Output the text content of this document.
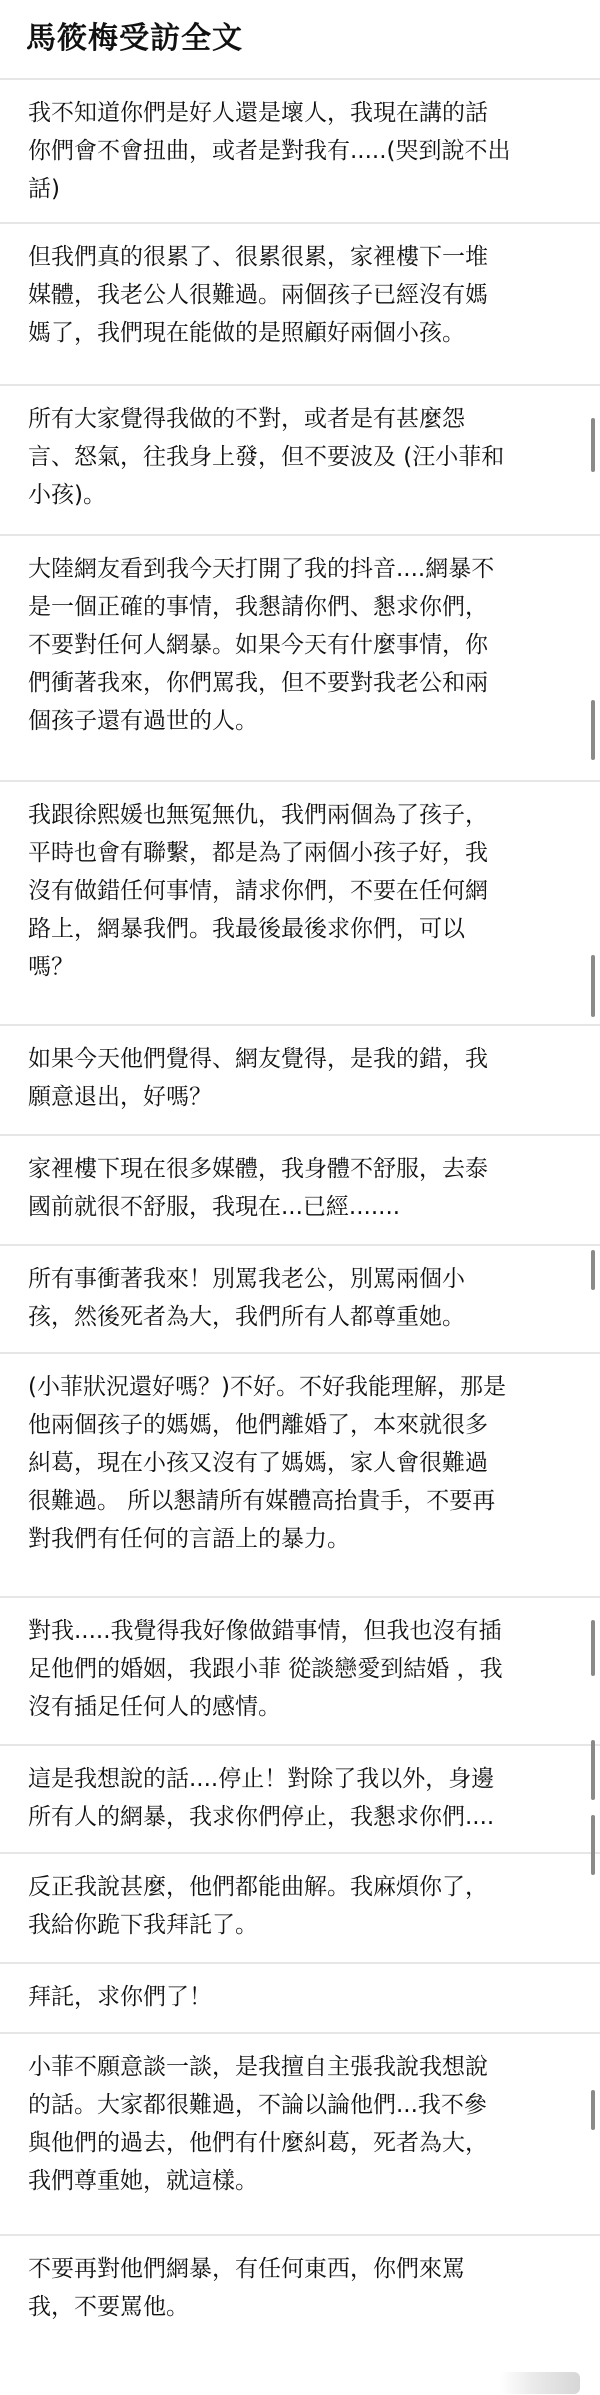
馬筱梅受訪全文
我不知道你們是好人還是壞人，我現在講的話
你們會不會扭曲，或者是對我有.....(哭到說不出
話)
但我們真的很累了、很累很累，家裡樓下一堆
媒體，我老公人很難過。兩個孩子已經沒有媽
媽了，我們現在能做的是照顧好兩個小孩。
所有大家覺得我做的不對，或者是有甚麼怨
言、怒氣，往我身上發，但不要波及 (汪小菲和
小孩)。
大陸網友看到我今天打開了我的抖音....網暴不
是一個正確的事情，我懇請你們、懇求你們，
不要對任何人網暴。如果今天有什麼事情，你
們衝著我來，你們罵我，但不要對我老公和兩
個孩子還有過世的人。
我跟徐熙媛也無冤無仇，我們兩個為了孩子，
平時也會有聯繫，都是為了兩個小孩子好，我
沒有做錯任何事情，請求你們，不要在任何網
路上，網暴我們。我最後最後求你們，可以
嗎？
如果今天他們覺得、網友覺得，是我的錯，我
願意退出，好嗎？
家裡樓下現在很多媒體，我身體不舒服，去泰
國前就很不舒服，我現在...已經.......
所有事衝著我來！別罵我老公，別罵兩個小
孩，然後死者為大，我們所有人都尊重她。
(小菲狀況還好嗎？)不好。不好我能理解，那是
他兩個孩子的媽媽，他們離婚了，本來就很多
糾葛，現在小孩又沒有了媽媽，家人會很難過
很難過。 所以懇請所有媒體高抬貴手，不要再
對我們有任何的言語上的暴力。
對我.....我覺得我好像做錯事情，但我也沒有插
足他們的婚姻，我跟小菲 從談戀愛到結婚 ，我
沒有插足任何人的感情。
這是我想說的話....停止！對除了我以外，身邊
所有人的網暴，我求你們停止，我懇求你們....
反正我說甚麼，他們都能曲解。我麻煩你了，
我給你跪下我拜託了。
拜託，求你們了！
小菲不願意談一談，是我擅自主張我說我想說
的話。大家都很難過，不論以論他們...我不參
與他們的過去，他們有什麼糾葛，死者為大，
我們尊重她，就這樣。
不要再對他們網暴，有任何東西，你們來罵
我，不要罵他。
